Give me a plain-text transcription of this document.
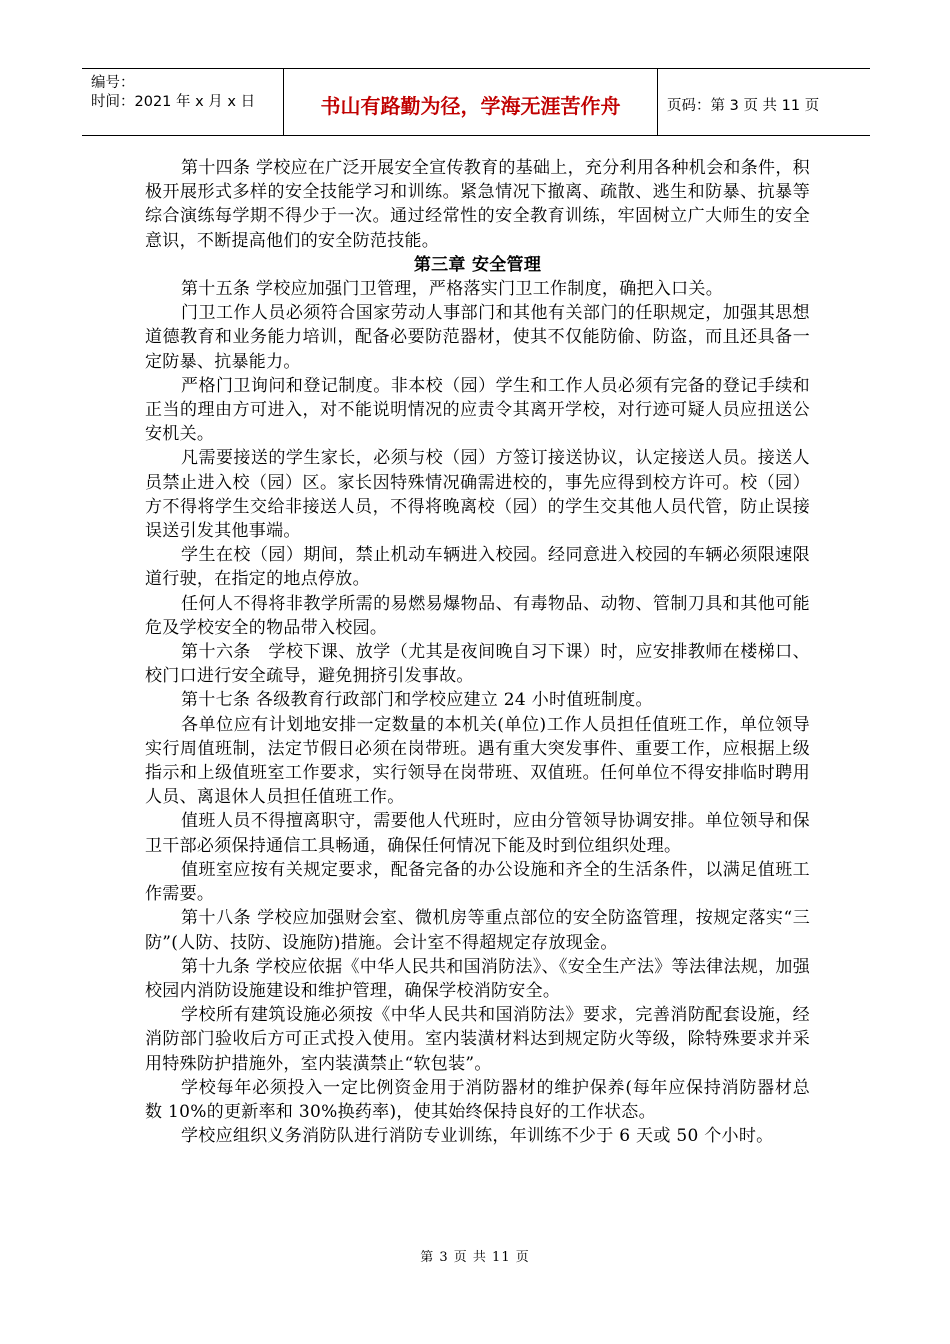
编号：
时间：2021 年 x 月 x 日	书山有路勤为径，学海无涯苦作舟	页码：第 3 页 共 11 页

第十四条 学校应在广泛开展安全宣传教育的基础上，充分利用各种机会和条件，积极开展形式多样的安全技能学习和训练。紧急情况下撤离、疏散、逃生和防暴、抗暴等综合演练每学期不得少于一次。通过经常性的安全教育训练，牢固树立广大师生的安全意识，不断提高他们的安全防范技能。

第三章 安全管理

第十五条 学校应加强门卫管理，严格落实门卫工作制度，确把入口关。

门卫工作人员必须符合国家劳动人事部门和其他有关部门的任职规定，加强其思想道德教育和业务能力培训，配备必要防范器材，使其不仅能防偷、防盗，而且还具备一定防暴、抗暴能力。

严格门卫询问和登记制度。非本校（园）学生和工作人员必须有完备的登记手续和正当的理由方可进入，对不能说明情况的应责令其离开学校，对行迹可疑人员应扭送公安机关。

凡需要接送的学生家长，必须与校（园）方签订接送协议，认定接送人员。接送人员禁止进入校（园）区。家长因特殊情况确需进校的，事先应得到校方许可。校（园）方不得将学生交给非接送人员，不得将晚离校（园）的学生交其他人员代管，防止误接误送引发其他事端。

学生在校（园）期间，禁止机动车辆进入校园。经同意进入校园的车辆必须限速限道行驶，在指定的地点停放。

任何人不得将非教学所需的易燃易爆物品、有毒物品、动物、管制刀具和其他可能危及学校安全的物品带入校园。

第十六条　学校下课、放学（尤其是夜间晚自习下课）时，应安排教师在楼梯口、校门口进行安全疏导，避免拥挤引发事故。

第十七条 各级教育行政部门和学校应建立 24 小时值班制度。

各单位应有计划地安排一定数量的本机关(单位)工作人员担任值班工作，单位领导实行周值班制，法定节假日必须在岗带班。遇有重大突发事件、重要工作，应根据上级指示和上级值班室工作要求，实行领导在岗带班、双值班。任何单位不得安排临时聘用人员、离退休人员担任值班工作。

值班人员不得擅离职守，需要他人代班时，应由分管领导协调安排。单位领导和保卫干部必须保持通信工具畅通，确保任何情况下能及时到位组织处理。

值班室应按有关规定要求，配备完备的办公设施和齐全的生活条件，以满足值班工作需要。

第十八条 学校应加强财会室、微机房等重点部位的安全防盗管理，按规定落实“三防”(人防、技防、设施防)措施。会计室不得超规定存放现金。

第十九条 学校应依据《中华人民共和国消防法》、《安全生产法》等法律法规，加强校园内消防设施建设和维护管理，确保学校消防安全。

学校所有建筑设施必须按《中华人民共和国消防法》要求，完善消防配套设施，经消防部门验收后方可正式投入使用。室内装潢材料达到规定防火等级，除特殊要求并采用特殊防护措施外，室内装潢禁止“软包装”。

学校每年必须投入一定比例资金用于消防器材的维护保养(每年应保持消防器材总数 10%的更新率和 30%换药率)，使其始终保持良好的工作状态。

学校应组织义务消防队进行消防专业训练，年训练不少于 6 天或 50 个小时。

第 3 页 共 11 页
